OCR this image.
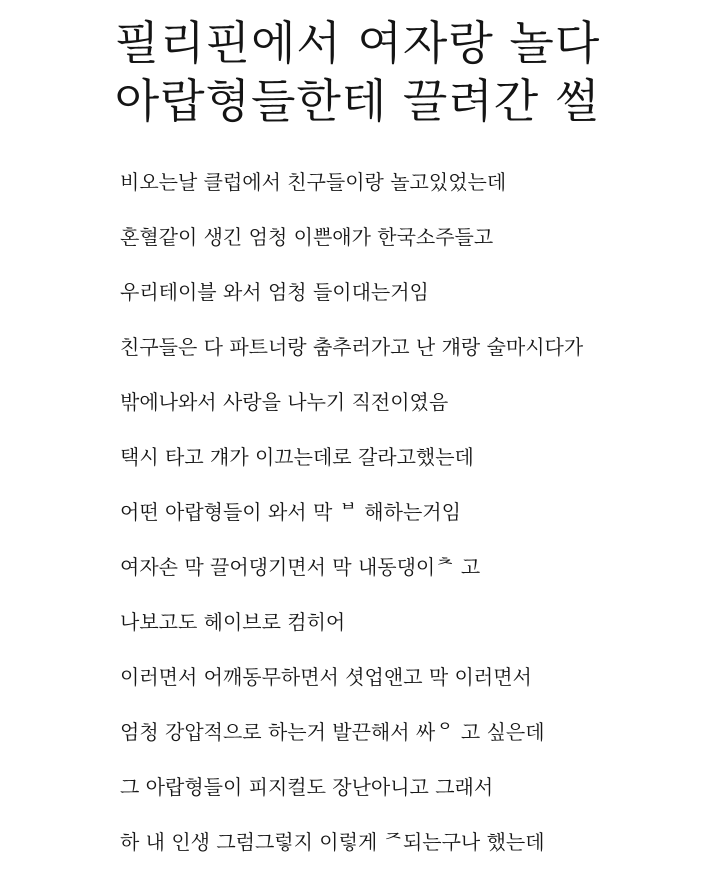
필리핀에서 여자랑 놀다
아랍형들한테 끌려간 썰
비오는날 클럽에서 친구들이랑 놀고있었는데
혼혈같이 생긴 엄청 이쁜애가 한국소주들고
우리테이블 와서 엄청 들이대는거임
친구들은 다 파트너랑 춤추러가고 난 걔랑 술마시다가
밖에나와서 사랑을 나누기 직전이였음
택시 타고 걔가 이끄는데로 갈라고했는데
어떤 아랍형들이 와서 막 ᄇ 해하는거임
여자손 막 끌어댕기면서 막 내동댕이ᄎ 고
나보고도 헤이브로 컴히어
이러면서 어깨동무하면서 셧업앤고 막 이러면서
엄청 강압적으로 하는거 발끈해서 싸ᄋ 고 싶은데
그 아랍형들이 피지컬도 장난아니고 그래서
하 내 인생 그럼그렇지 이렇게 ᄌ되는구나 했는데
